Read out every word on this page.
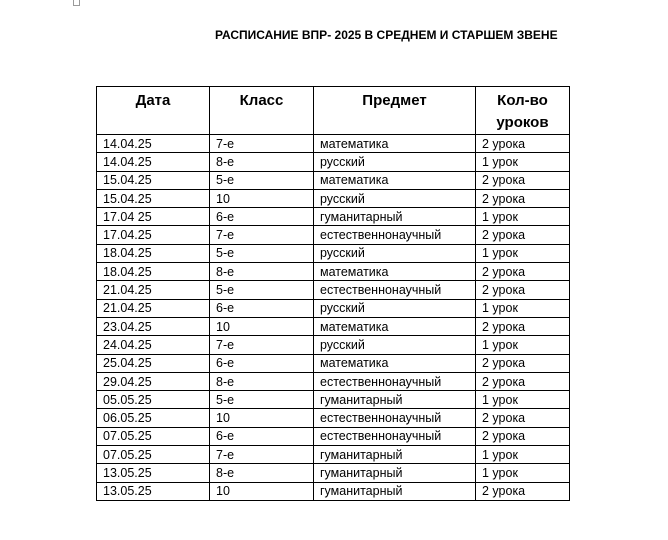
РАСПИСАНИЕ ВПР- 2025 В СРЕДНЕМ И СТАРШЕМ ЗВЕНЕ
Дата	Класс	Предмет	Кол-во уроков
14.04.25	7-е	математика	2 урока
14.04.25	8-е	русский	1 урок
15.04.25	5-е	математика	2 урока
15.04.25	10	русский	2 урока
17.04 25	6-е	гуманитарный	1 урок
17.04.25	7-е	естественнонаучный	2 урока
18.04.25	5-е	русский	1 урок
18.04.25	8-е	математика	2 урока
21.04.25	5-е	естественнонаучный	2 урока
21.04.25	6-е	русский	1 урок
23.04.25	10	математика	2 урока
24.04.25	7-е	русский	1 урок
25.04.25	6-е	математика	2 урока
29.04.25	8-е	естественнонаучный	2 урока
05.05.25	5-е	гуманитарный	1 урок
06.05.25	10	естественнонаучный	2 урока
07.05.25	6-е	естественнонаучный	2 урока
07.05.25	7-е	гуманитарный	1 урок
13.05.25	8-е	гуманитарный	1 урок
13.05.25	10	гуманитарный	2 урока
